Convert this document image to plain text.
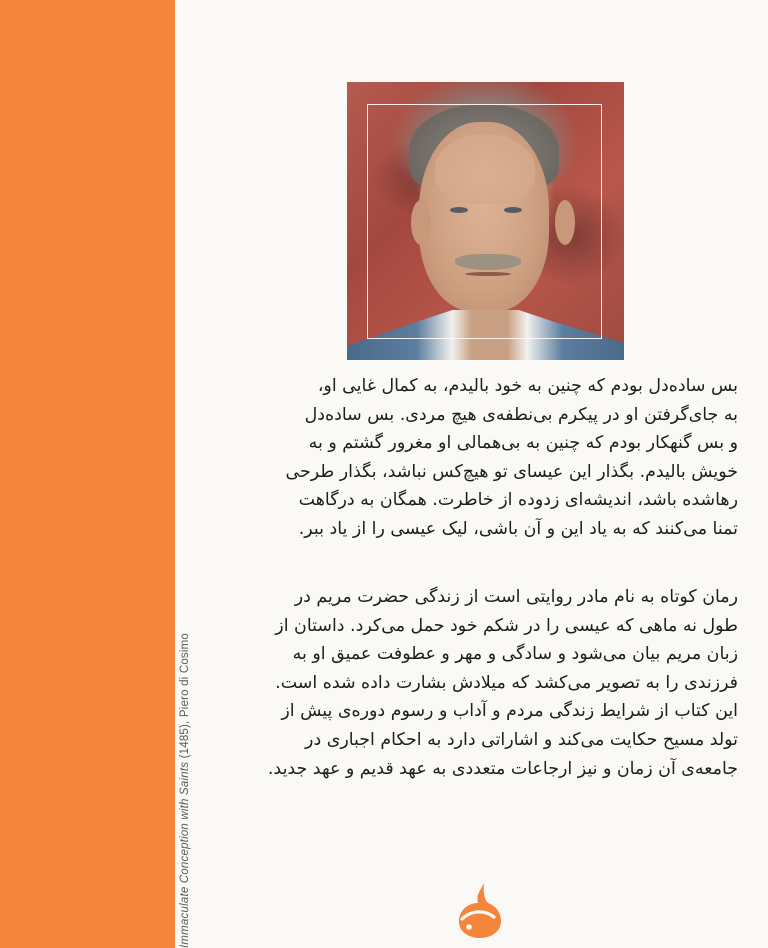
Immaculate Conception with Saints (1485), Piero di Cosimo

بس ساده‌دل بودم که چنین به خود بالیدم، به کمال غایی او،

به جای‌گرفتن او در پیکرم بی‌نطفه‌ی هیچ مردی. بس ساده‌دل

و بس گنهکار بودم که چنین به بی‌همالی او مغرور گشتم و به

خویش بالیدم. بگذار این عیسای تو هیچ‌کس نباشد، بگذار طرحی

رهاشده باشد، اندیشه‌ای زدوده از خاطرت. همگان به درگاهت

تمنا می‌کنند که به یاد این و آن باشی، لیک عیسی را از یاد ببر.

رمان کوتاه به نام مادر روایتی است از زندگی حضرت مریم در

طول نه ماهی که عیسی را در شکم خود حمل می‌کرد. داستان از

زبان مریم بیان می‌شود و سادگی و مهر و عطوفت عمیق او به

فرزندی را به تصویر می‌کشد که میلادش بشارت داده شده است.

این کتاب از شرایط زندگی مردم و آداب و رسوم دوره‌ی پیش از

تولد مسیح حکایت می‌کند و اشاراتی دارد به احکام اجباری در

جامعه‌ی آن زمان و نیز ارجاعات متعددی به عهد قدیم و عهد جدید.
